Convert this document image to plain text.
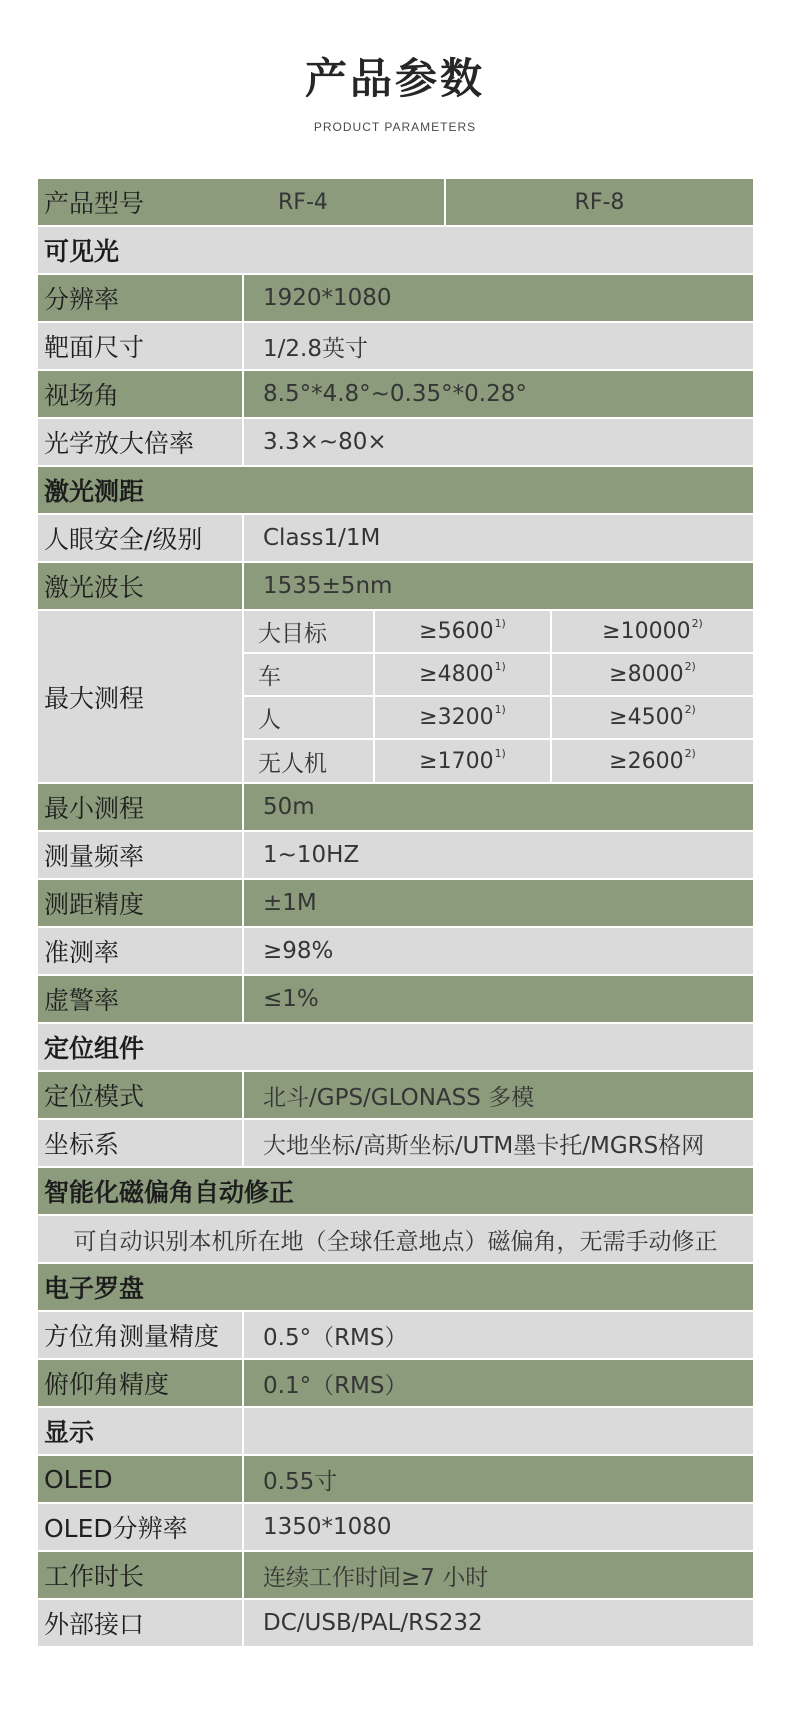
产品参数
PRODUCT PARAMETERS
产品型号	RF-4	RF-8
可见光
分辨率	1920*1080
靶面尺寸	1/2.8英寸
视场角	8.5°*4.8°~0.35°*0.28°
光学放大倍率	3.3×~80×
激光测距
人眼安全/级别	Class1/1M
激光波长	1535±5nm
最大测程
大目标	≥5600 1)	≥10000 2)
车	≥4800 1)	≥8000 2)
人	≥3200 1)	≥4500 2)
无人机	≥1700 1)	≥2600 2)
最小测程	50m
测量频率	1~10HZ
测距精度	±1M
准测率	≥98%
虚警率	≤1%
定位组件
定位模式	北斗/GPS/GLONASS 多模
坐标系	大地坐标/高斯坐标/UTM墨卡托/MGRS格网
智能化磁偏角自动修正
可自动识别本机所在地（全球任意地点）磁偏角，无需手动修正
电子罗盘
方位角测量精度	0.5°（RMS）
俯仰角精度	0.1°（RMS）
显示
OLED	0.55寸
OLED分辨率	1350*1080
工作时长	连续工作时间≥7 小时
外部接口	DC/USB/PAL/RS232
